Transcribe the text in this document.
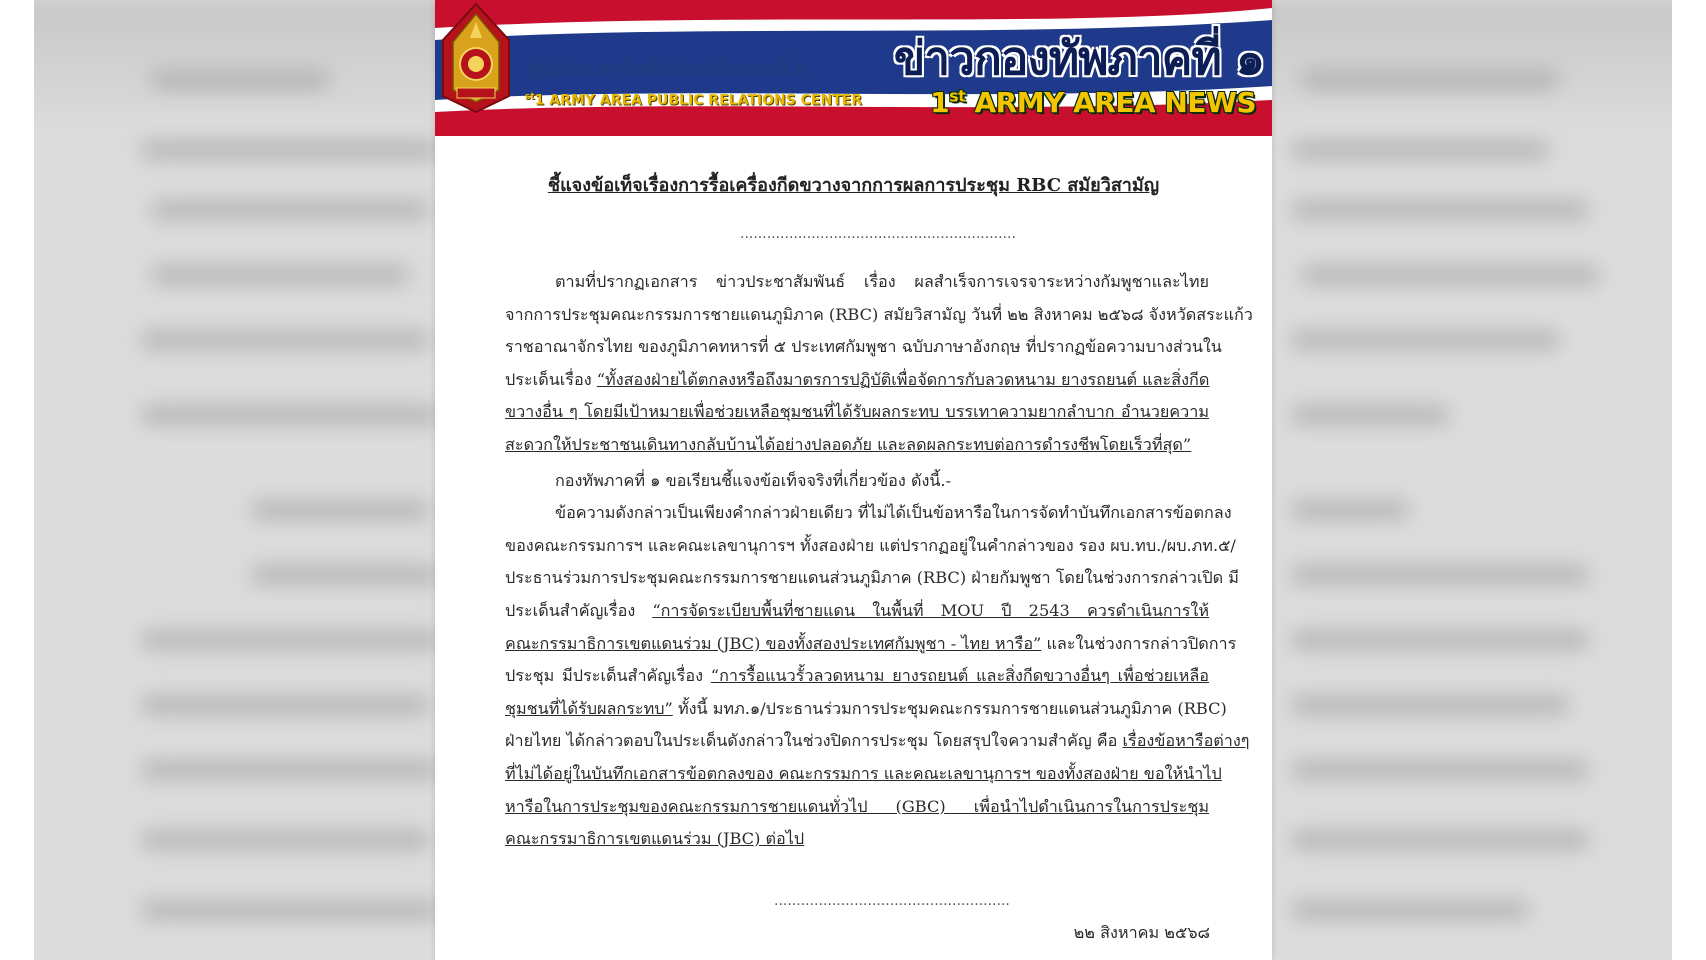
ศูนย์ประชาสัมพันธ์กองทัพภาคที่ ๑
$^{st}$1 ARMY AREA PUBLIC RELATIONS CENTER
ข่าวกองทัพภาคที่ ๑
1st ARMY AREA NEWS
ชี้แจงข้อเท็จเรื่องการรื้อเครื่องกีดขวางจากการผลการประชุม RBC สมัยวิสามัญ
..............................................................
ตามที่ปรากฏเอกสาร ข่าวประชาสัมพันธ์ เรื่อง ผลสำเร็จการเจรจาระหว่างกัมพูชาและไทย
จากการประชุมคณะกรรมการชายแดนภูมิภาค (RBC) สมัยวิสามัญ วันที่ ๒๒ สิงหาคม ๒๕๖๘ จังหวัดสระแก้ว
ราชอาณาจักรไทย ของภูมิภาคทหารที่ ๕ ประเทศกัมพูชา ฉบับภาษาอังกฤษ ที่ปรากฏข้อความบางส่วนใน
ประเด็นเรื่อง “ทั้งสองฝ่ายได้ตกลงหรือถึงมาตรการปฏิบัติเพื่อจัดการกับลวดหนาม ยางรถยนต์ และสิ่งกีด
ขวางอื่น ๆ โดยมีเป้าหมายเพื่อช่วยเหลือชุมชนที่ได้รับผลกระทบ บรรเทาความยากลำบาก อำนวยความ
สะดวกให้ประชาชนเดินทางกลับบ้านได้อย่างปลอดภัย และลดผลกระทบต่อการดำรงชีพโดยเร็วที่สุด”
กองทัพภาคที่ ๑ ขอเรียนชี้แจงข้อเท็จจริงที่เกี่ยวข้อง ดังนี้.-
ข้อความดังกล่าวเป็นเพียงคำกล่าวฝ่ายเดียว ที่ไม่ได้เป็นข้อหารือในการจัดทำบันทึกเอกสารข้อตกลง
ของคณะกรรมการฯ และคณะเลขานุการฯ ทั้งสองฝ่าย แต่ปรากฏอยู่ในคำกล่าวของ รอง ผบ.ทบ./ผบ.ภท.๕/
ประธานร่วมการประชุมคณะกรรมการชายแดนส่วนภูมิภาค (RBC) ฝ่ายกัมพูชา โดยในช่วงการกล่าวเปิด มี
ประเด็นสำคัญเรื่อง “การจัดระเบียบพื้นที่ชายแดน ในพื้นที่ MOU ปี 2543 ควรดำเนินการให้
คณะกรรมาธิการเขตแดนร่วม (JBC) ของทั้งสองประเทศกัมพูชา - ไทย หารือ” และในช่วงการกล่าวปิดการ
ประชุม มีประเด็นสำคัญเรื่อง “การรื้อแนวรั้วลวดหนาม ยางรถยนต์ และสิ่งกีดขวางอื่นๆ เพื่อช่วยเหลือ
ชุมชนที่ได้รับผลกระทบ” ทั้งนี้ มทภ.๑/ประธานร่วมการประชุมคณะกรรมการชายแดนส่วนภูมิภาค (RBC)
ฝ่ายไทย ได้กล่าวตอบในประเด็นดังกล่าวในช่วงปิดการประชุม โดยสรุปใจความสำคัญ คือ เรื่องข้อหารือต่างๆ
ที่ไม่ได้อยู่ในบันทึกเอกสารข้อตกลงของ คณะกรรมการ และคณะเลขานุการฯ ของทั้งสองฝ่าย ขอให้นำไป
หารือในการประชุมของคณะกรรมการชายแดนทั่วไป (GBC) เพื่อนำไปดำเนินการในการประชุม
คณะกรรมาธิการเขตแดนร่วม (JBC) ต่อไป
.....................................................
๒๒ สิงหาคม ๒๕๖๘
